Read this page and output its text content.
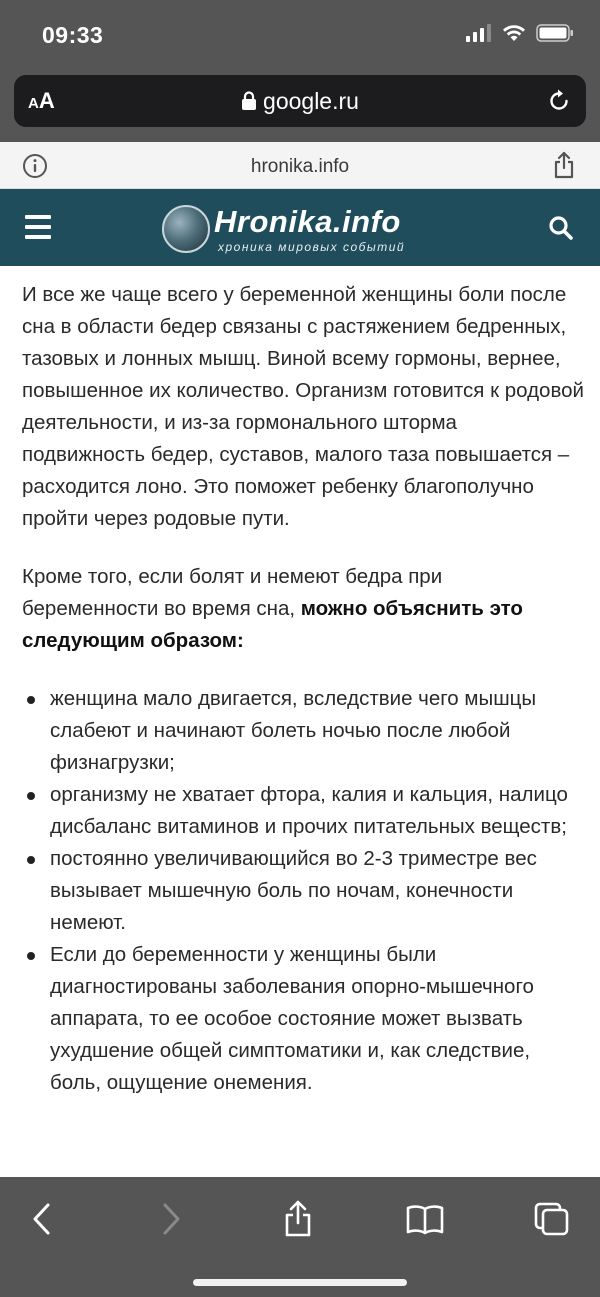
09:33
AA	google.ru
hronika.info
Hronika.info
хроника мировых событий

И все же чаще всего у беременной женщины боли после сна в области бедер связаны с растяжением бедренных, тазовых и лонных мышц. Виной всему гормоны, вернее, повышенное их количество. Организм готовится к родовой деятельности, и из-за гормонального шторма подвижность бедер, суставов, малого таза повышается – расходится лоно. Это поможет ребенку благополучно пройти через родовые пути.

Кроме того, если болят и немеют бедра при беременности во время сна, можно объяснить это следующим образом:

женщина мало двигается, вследствие чего мышцы слабеют и начинают болеть ночью после любой физнагрузки;
организму не хватает фтора, калия и кальция, налицо дисбаланс витаминов и прочих питательных веществ;
постоянно увеличивающийся во 2-3 триместре вес вызывает мышечную боль по ночам, конечности немеют.
Если до беременности у женщины были диагностированы заболевания опорно-мышечного аппарата, то ее особое состояние может вызвать ухудшение общей симптоматики и, как следствие, боль, ощущение онемения.
